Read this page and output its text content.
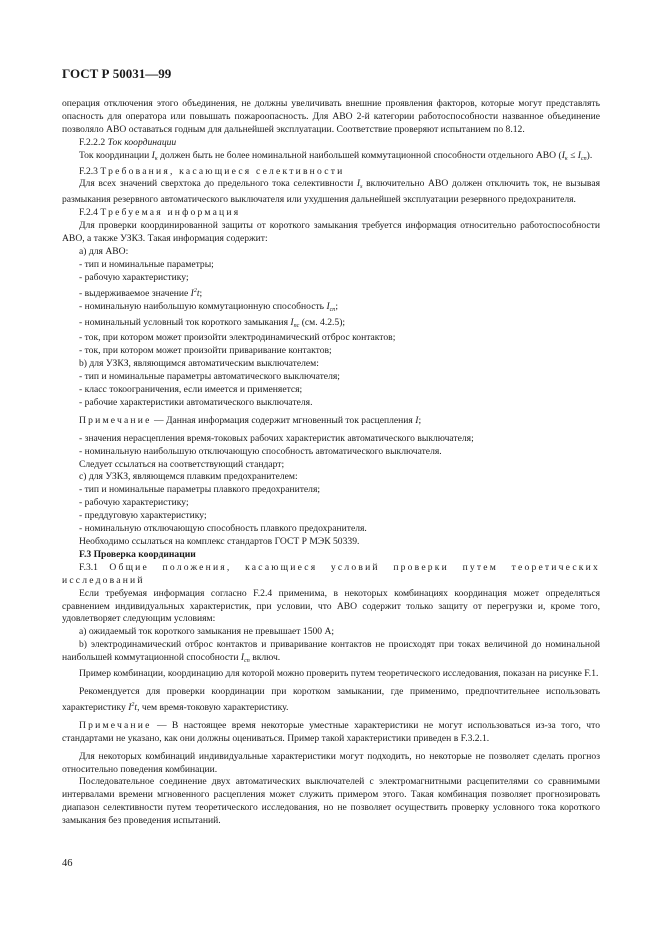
ГОСТ Р 50031—99

операция отключения этого объединения, не должны увеличивать внешние проявления факторов, которые могут представлять опасность для оператора или повышать пожароопасность. Для АВО 2-й категории работоспособности названное объединение позволяло АВО оставаться годным для дальнейшей эксплуатации. Соответствие проверяют испытанием по 8.12.

F.2.2.2 Ток координации

Ток координации $I_к$ должен быть не более номинальной наибольшей коммутационной способности отдельного АВО $(I_к \le I_{сn})$.

F.2.3 Требования, касающиеся селективности

Для всех значений сверхтока до предельного тока селективности $I_s$ включительно АВО должен отключить ток, не вызывая размыкания резервного автоматического выключателя или ухудшения дальнейшей эксплуатации резервного предохранителя.

F.2.4 Требуемая информация

Для проверки координированной защиты от короткого замыкания требуется информация относительно работоспособности АВО, а также УЗКЗ. Такая информация содержит:

а) для АВО:

- тип и номинальные параметры;

- рабочую характеристику;

- выдерживаемое значение $I^2t$;

- номинальную наибольшую коммутационную способность $I_{сn}$;

- номинальный условный ток короткого замыкания $I_{nc}$ (см. 4.2.5);

- ток, при котором может произойти электродинамический отброс контактов;

- ток, при котором может произойти приваривание контактов;

b) для УЗКЗ, являющимся автоматическим выключателем:

- тип и номинальные параметры автоматического выключателя;

- класс токоограничения, если имеется и применяется;

- рабочие характеристики автоматического выключателя.

Примечание — Данная информация содержит мгновенный ток расцепления I;

- значения нерасцепления время-токовых рабочих характеристик автоматического выключателя;

- номинальную наибольшую отключающую способность автоматического выключателя.

Следует ссылаться на соответствующий стандарт;

c) для УЗКЗ, являющемся плавким предохранителем:

- тип и номинальные параметры плавкого предохранителя;

- рабочую характеристику;

- преддуговую характеристику;

- номинальную отключающую способность плавкого предохранителя.

Необходимо ссылаться на комплекс стандартов ГОСТ Р МЭК 50339.

F.3 Проверка координации

F.3.1 Общие положения, касающиеся условий проверки путем теоретических исследований

Если требуемая информация согласно F.2.4 применима, в некоторых комбинациях координация может определяться сравнением индивидуальных характеристик, при условии, что АВО содержит только защиту от перегрузки и, кроме того, удовлетворяет следующим условиям:

а) ожидаемый ток короткого замыкания не превышает 1500 А;

b) электродинамический отброс контактов и приваривание контактов не происходят при токах величиной до номинальной наибольшей коммутационной способности $I_{сn}$ включ.

Пример комбинации, координацию для которой можно проверить путем теоретического исследования, показан на рисунке F.1.

Рекомендуется для проверки координации при коротком замыкании, где применимо, предпочтительнее использовать характеристику $I^2t$, чем время-токовую характеристику.

Примечание — В настоящее время некоторые уместные характеристики не могут использоваться из-за того, что стандартами не указано, как они должны оцениваться. Пример такой характеристики приведен в F.3.2.1.

Для некоторых комбинаций индивидуальные характеристики могут подходить, но некоторые не позволяет сделать прогноз относительно поведения комбинации.

Последовательное соединение двух автоматических выключателей с электромагнитными расцепителями со сравнимыми интервалами времени мгновенного расцепления может служить примером этого. Такая комбинация позволяет прогнозировать диапазон селективности путем теоретического исследования, но не позволяет осуществить проверку условного тока короткого замыкания без проведения испытаний.

46
